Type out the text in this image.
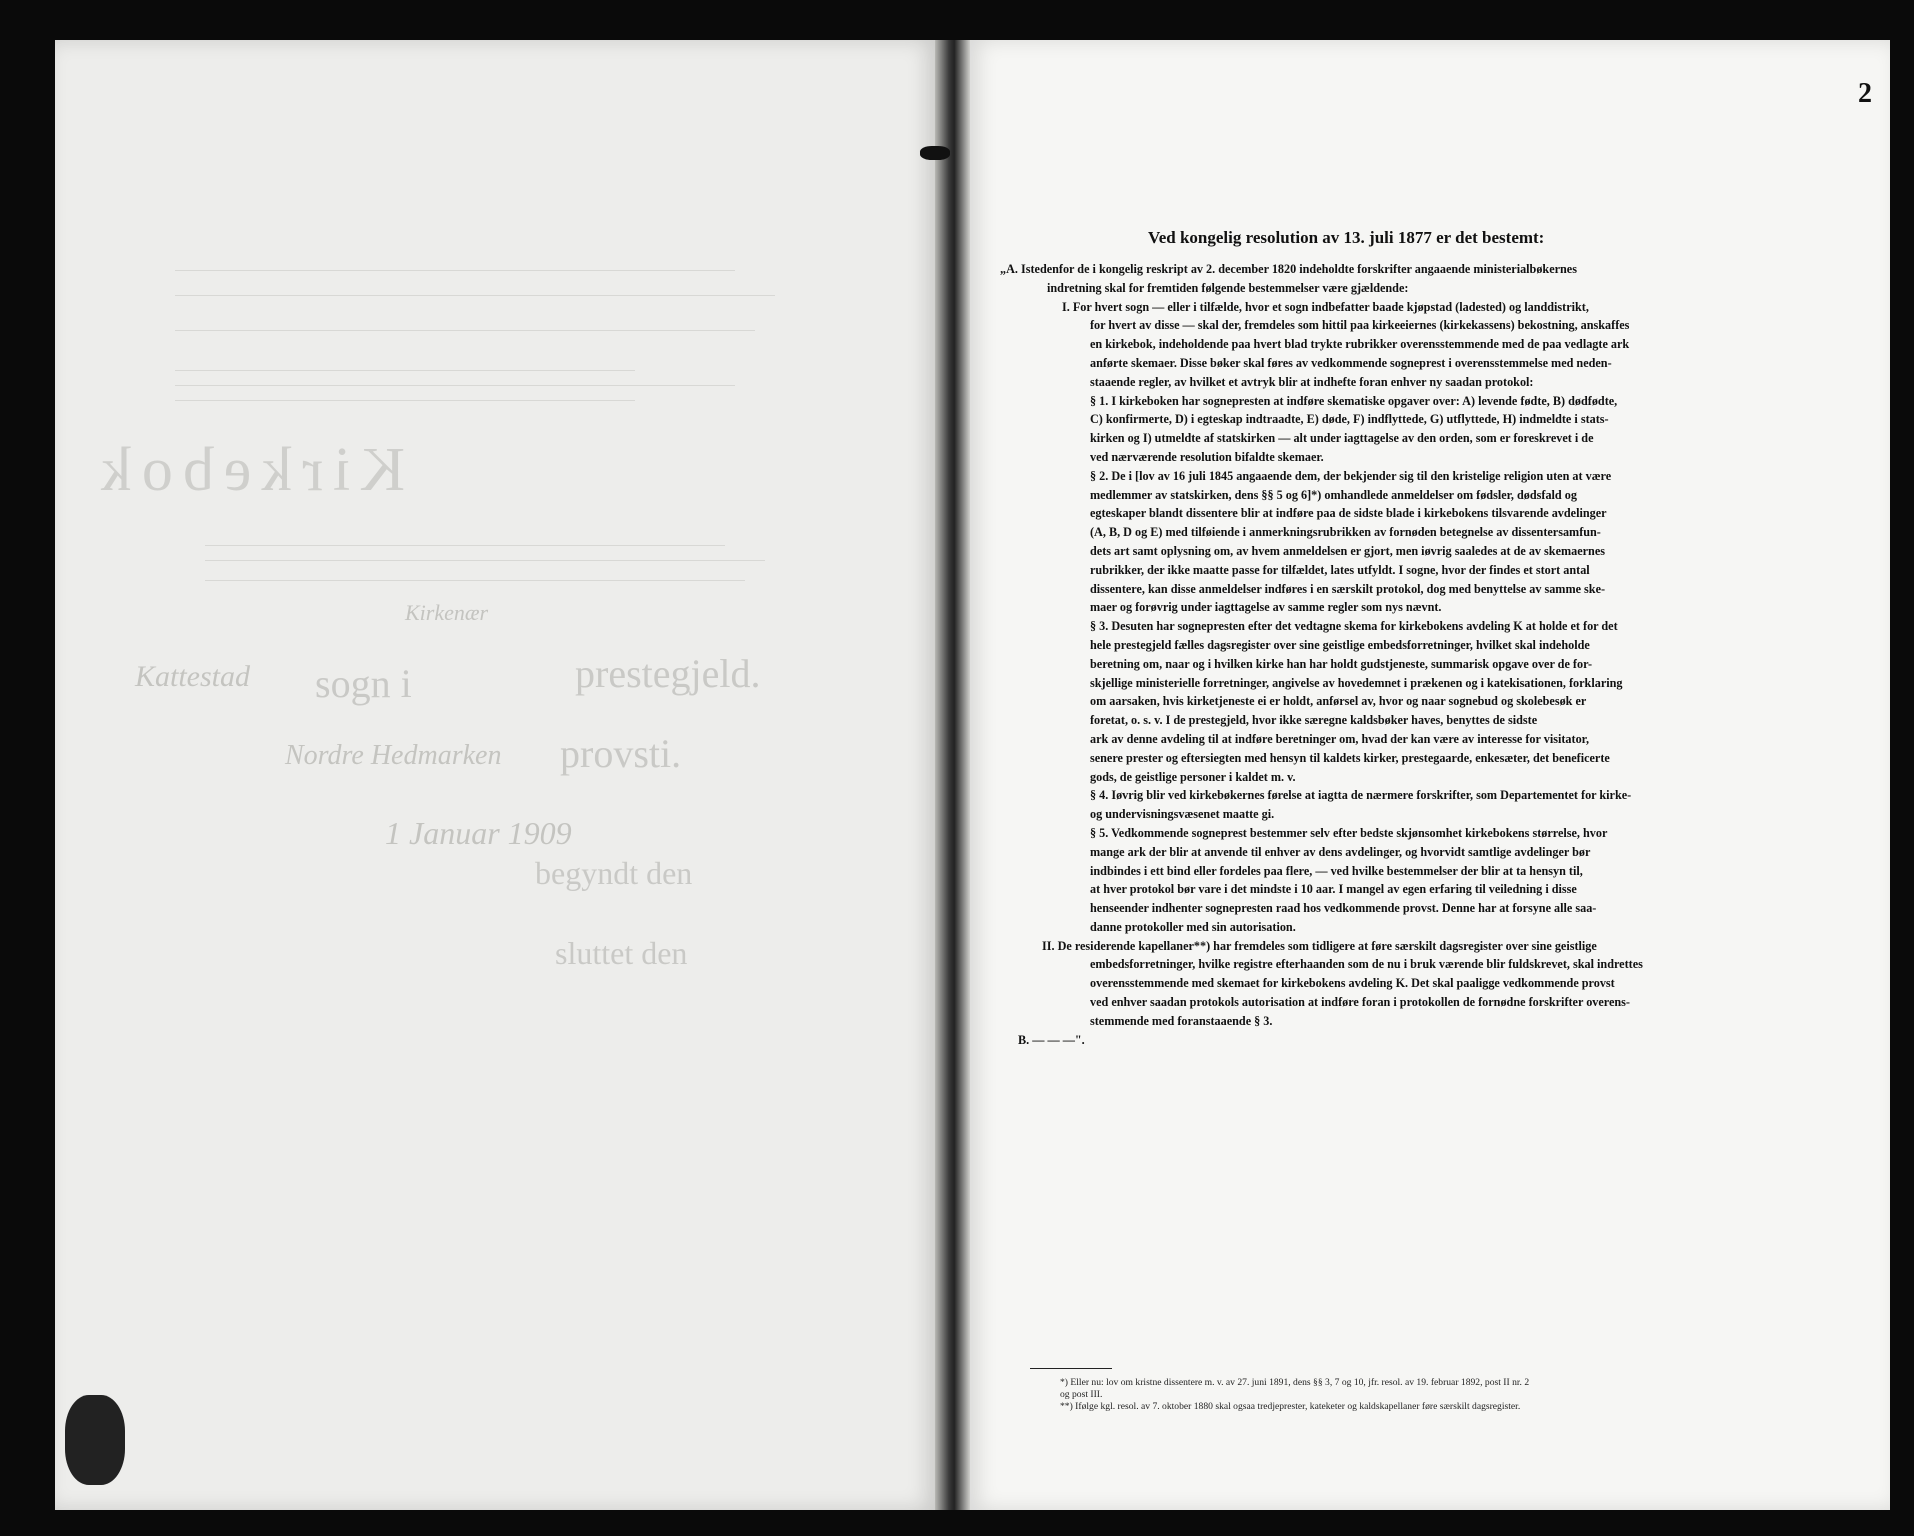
Kirkebok
Kirkenær
Kattestad sogn i	prestegjeld.
Nordre Hedmarken provsti.
1 Januar 1909
begyndt den
sluttet den
2
Ved kongelig resolution av 13. juli 1877 er det bestemt:
„A. Istedenfor de i kongelig reskript av 2. december 1820 indeholdte forskrifter angaaende ministerialbøkernes
indretning skal for fremtiden følgende bestemmelser være gjældende:
I. For hvert sogn — eller i tilfælde, hvor et sogn indbefatter baade kjøpstad (ladested) og landdistrikt,
for hvert av disse — skal der, fremdeles som hittil paa kirkeeiernes (kirkekassens) bekostning, anskaffes
en kirkebok, indeholdende paa hvert blad trykte rubrikker overensstemmende med de paa vedlagte ark
anførte skemaer. Disse bøker skal føres av vedkommende sogneprest i overensstemmelse med neden-
staaende regler, av hvilket et avtryk blir at indhefte foran enhver ny saadan protokol:
§ 1. I kirkeboken har sognepresten at indføre skematiske opgaver over: A) levende fødte, B) dødfødte,
C) konfirmerte, D) i egteskap indtraadte, E) døde, F) indflyttede, G) utflyttede, H) indmeldte i stats-
kirken og I) utmeldte af statskirken — alt under iagttagelse av den orden, som er foreskrevet i de
ved nærværende resolution bifaldte skemaer.
§ 2. De i [lov av 16 juli 1845 angaaende dem, der bekjender sig til den kristelige religion uten at være
medlemmer av statskirken, dens §§ 5 og 6]*) omhandlede anmeldelser om fødsler, dødsfald og
egteskaper blandt dissentere blir at indføre paa de sidste blade i kirkebokens tilsvarende avdelinger
(A, B, D og E) med tilføiende i anmerkningsrubrikken av fornøden betegnelse av dissentersamfun-
dets art samt oplysning om, av hvem anmeldelsen er gjort, men iøvrig saaledes at de av skemaernes
rubrikker, der ikke maatte passe for tilfældet, lates utfyldt. I sogne, hvor der findes et stort antal
dissentere, kan disse anmeldelser indføres i en særskilt protokol, dog med benyttelse av samme ske-
maer og forøvrig under iagttagelse av samme regler som nys nævnt.
§ 3. Desuten har sognepresten efter det vedtagne skema for kirkebokens avdeling K at holde et for det
hele prestegjeld fælles dagsregister over sine geistlige embedsforretninger, hvilket skal indeholde
beretning om, naar og i hvilken kirke han har holdt gudstjeneste, summarisk opgave over de for-
skjellige ministerielle forretninger, angivelse av hovedemnet i prækenen og i katekisationen, forklaring
om aarsaken, hvis kirketjeneste ei er holdt, anførsel av, hvor og naar sognebud og skolebesøk er
foretat, o. s. v. I de prestegjeld, hvor ikke særegne kaldsbøker haves, benyttes de sidste
ark av denne avdeling til at indføre beretninger om, hvad der kan være av interesse for visitator,
senere prester og eftersiegten med hensyn til kaldets kirker, prestegaarde, enkesæter, det beneficerte
gods, de geistlige personer i kaldet m. v.
§ 4. Iøvrig blir ved kirkebøkernes førelse at iagtta de nærmere forskrifter, som Departementet for kirke-
og undervisningsvæsenet maatte gi.
§ 5. Vedkommende sogneprest bestemmer selv efter bedste skjønsomhet kirkebokens størrelse, hvor
mange ark der blir at anvende til enhver av dens avdelinger, og hvorvidt samtlige avdelinger bør
indbindes i ett bind eller fordeles paa flere, — ved hvilke bestemmelser der blir at ta hensyn til,
at hver protokol bør vare i det mindste i 10 aar. I mangel av egen erfaring til veiledning i disse
henseender indhenter sognepresten raad hos vedkommende provst. Denne har at forsyne alle saa-
danne protokoller med sin autorisation.
II. De residerende kapellaner**) har fremdeles som tidligere at føre særskilt dagsregister over sine geistlige
embedsforretninger, hvilke registre efterhaanden som de nu i bruk værende blir fuldskrevet, skal indrettes
overensstemmende med skemaet for kirkebokens avdeling K. Det skal paaligge vedkommende provst
ved enhver saadan protokols autorisation at indføre foran i protokollen de fornødne forskrifter overens-
stemmende med foranstaaende § 3.
B. — — —".
*) Eller nu: lov om kristne dissentere m. v. av 27. juni 1891, dens §§ 3, 7 og 10, jfr. resol. av 19. februar 1892, post II nr. 2
og post III.
**) Ifølge kgl. resol. av 7. oktober 1880 skal ogsaa tredjeprester, kateketer og kaldskapellaner føre særskilt dagsregister.
